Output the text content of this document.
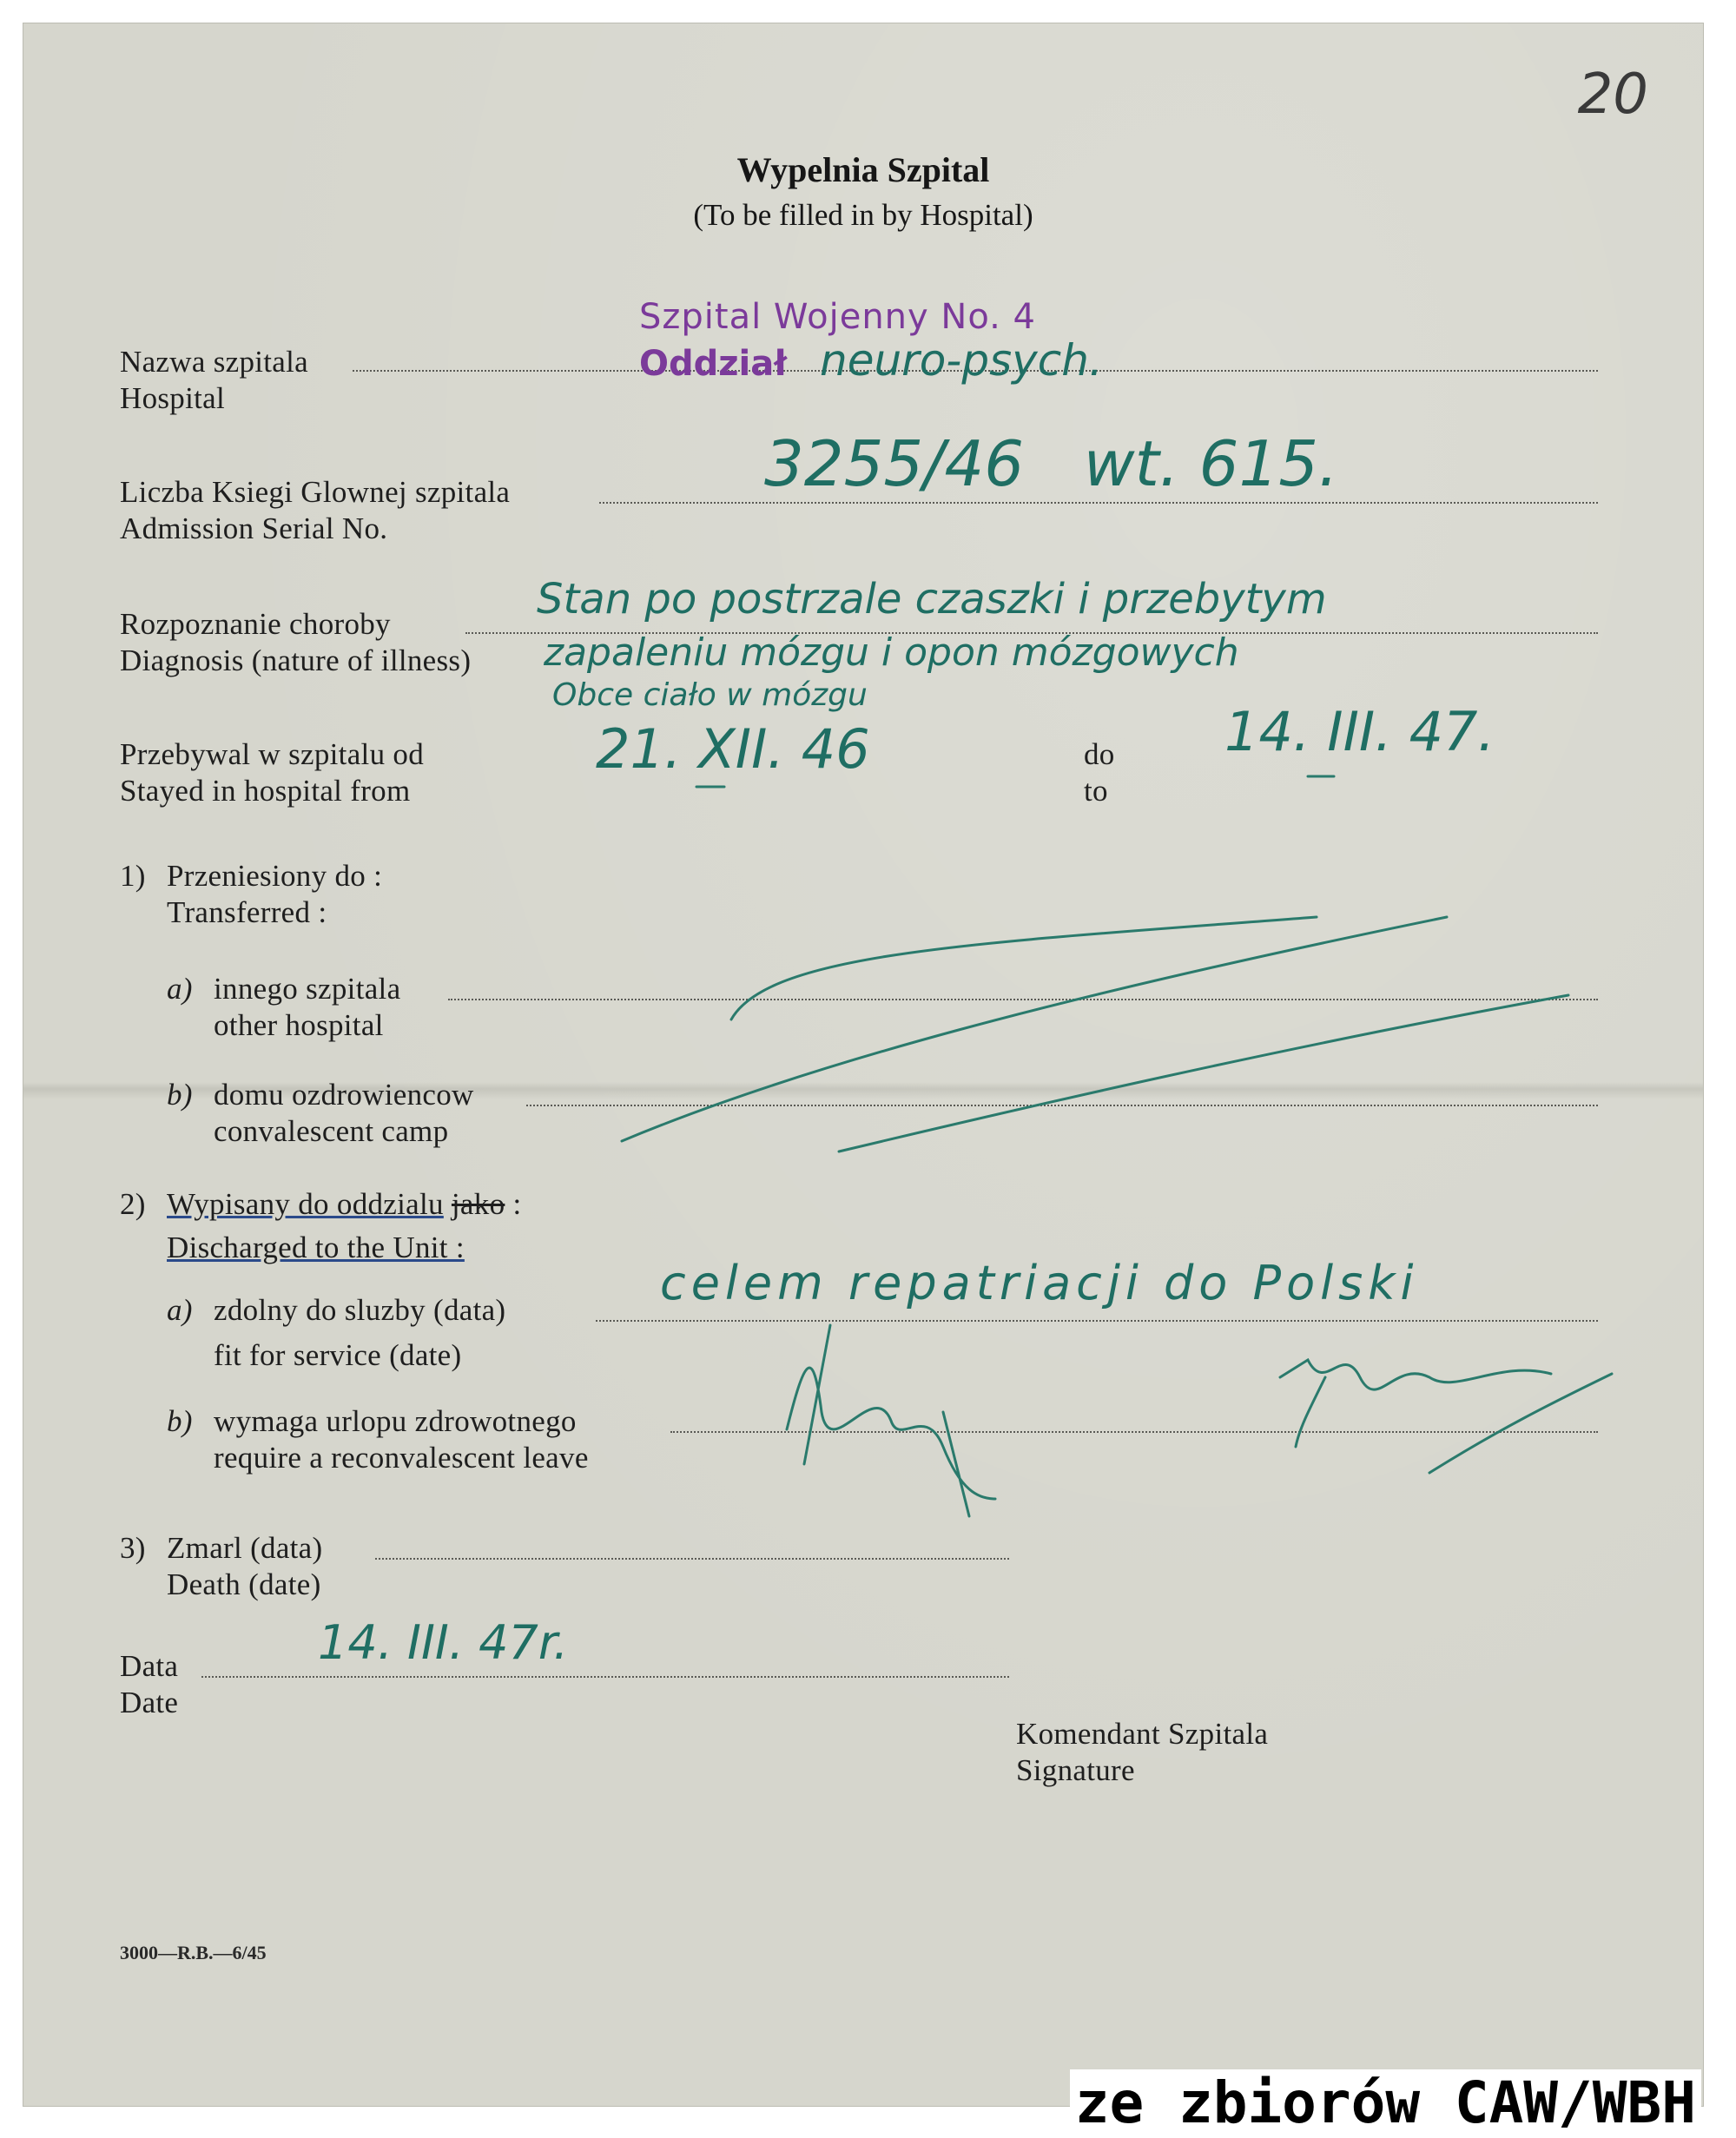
20
Wypelnia Szpital
(To be filled in by Hospital)
Nazwa szpitala
Hospital
Szpital Wojenny No. 4
Oddział neuro-psych.
Liczba Ksiegi Glownej szpitala
Admission Serial No.
3255/46   wt. 615.
Rozpoznanie choroby
Diagnosis (nature of illness)
Stan po postrzale czaszki i przebytym
zapaleniu mózgu i opon mózgowych
Obce ciało w mózgu
Przebywal w szpitalu od
Stayed in hospital from
21. XII. 46	do
to
14. III. 47.
1) Przeniesiony do :
Transferred :
a) innego szpitala
other hospital
b) domu ozdrowiencow
convalescent camp
2) Wypisany do oddzialu jako :
Discharged to the Unit :
a) zdolny do sluzby (data)
fit for service (date)
celem repatriacji do Polski
b) wymaga urlopu zdrowotnego
require a reconvalescent leave
3) Zmarl (data)
Death (date)
Data
Date
14. III. 47r.
Komendant Szpitala
Signature
3000—R.B.—6/45
ze zbiorów CAW/WBH
